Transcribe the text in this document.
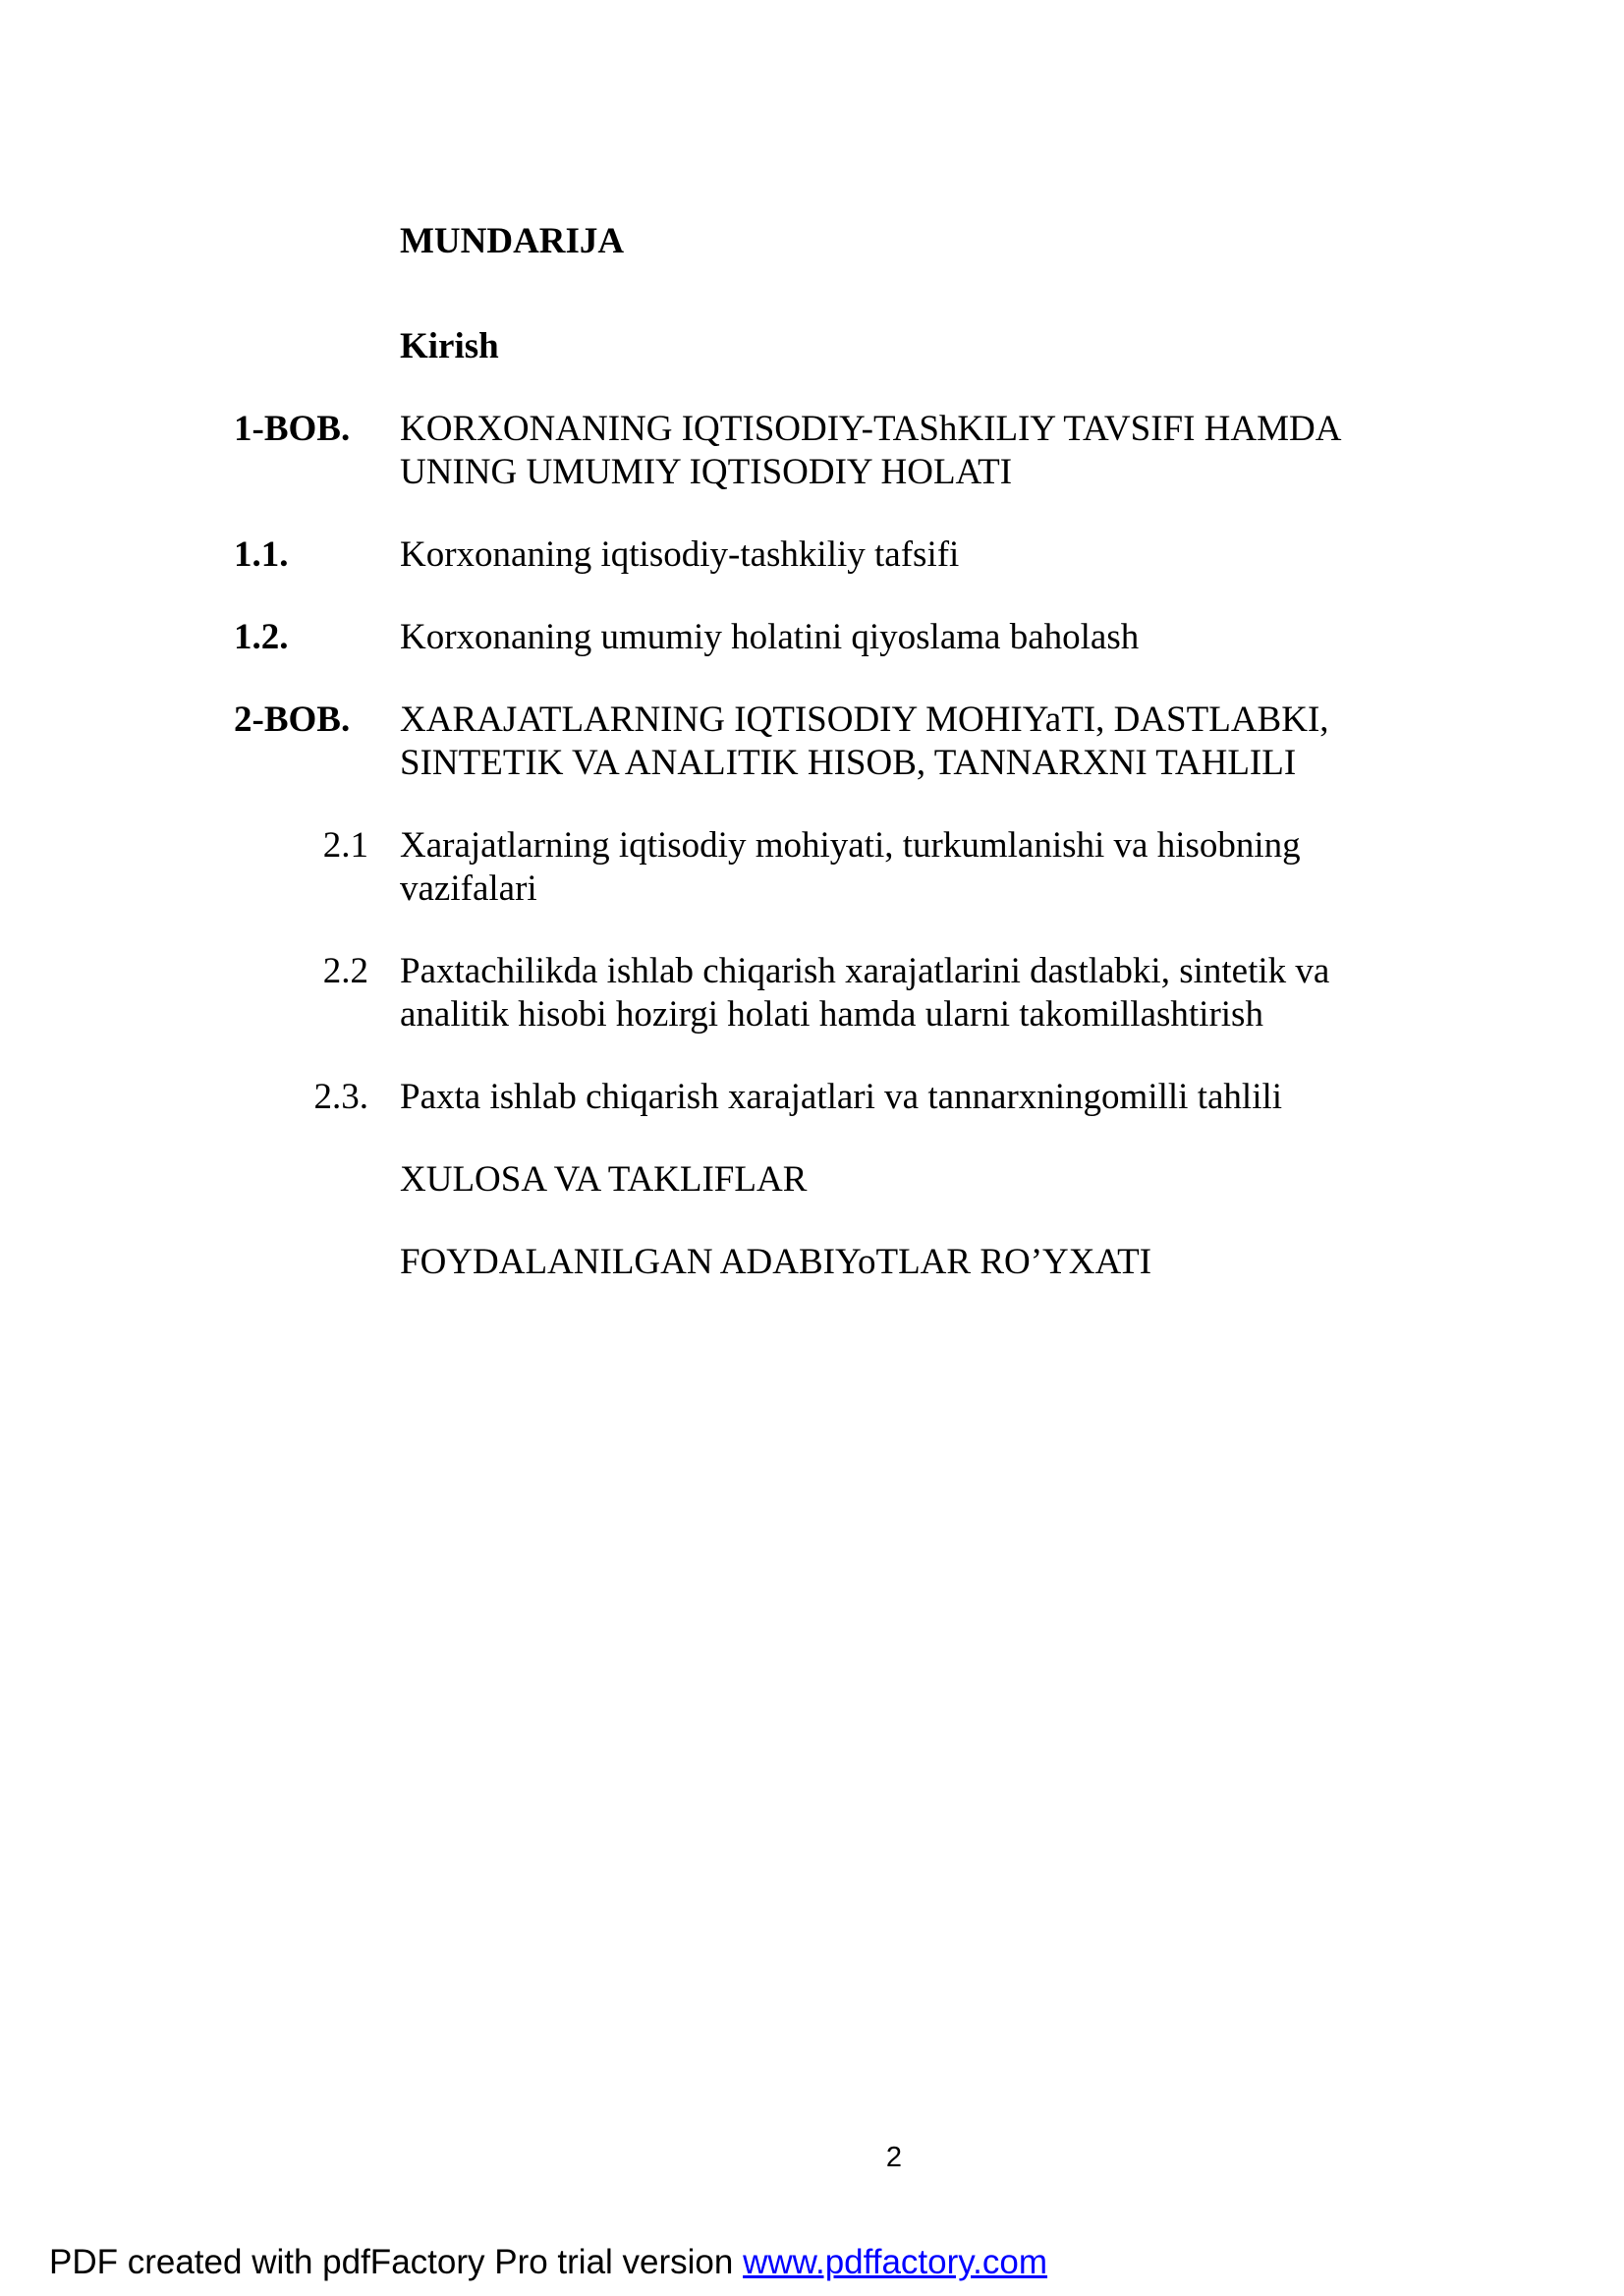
MUNDARIJA
Kirish
1-BOB. KORXONANING IQTISODIY-TAShKILIY TAVSIFI HAMDA
UNING UMUMIY IQTISODIY HOLATI
1.1.	Korxonaning iqtisodiy-tashkiliy tafsifi
1.2.	Korxonaning umumiy holatini qiyoslama baholash
2-BOB. XARAJATLARNING IQTISODIY MOHIYaTI, DASTLABKI,
SINTETIK VA ANALITIK HISOB, TANNARXNI TAHLILI
2.1 Xarajatlarning iqtisodiy mohiyati, turkumlanishi va hisobning
vazifalari
2.2 Paxtachilikda ishlab chiqarish xarajatlarini dastlabki, sintetik va
analitik hisobi hozirgi holati hamda ularni takomillashtirish
2.3. Paxta ishlab chiqarish xarajatlari va tannarxningomilli tahlili
XULOSA VA TAKLIFLAR
FOYDALANILGAN ADABIYoTLAR RO’YXATI
2
PDF created with pdfFactory Pro trial version www.pdffactory.com
